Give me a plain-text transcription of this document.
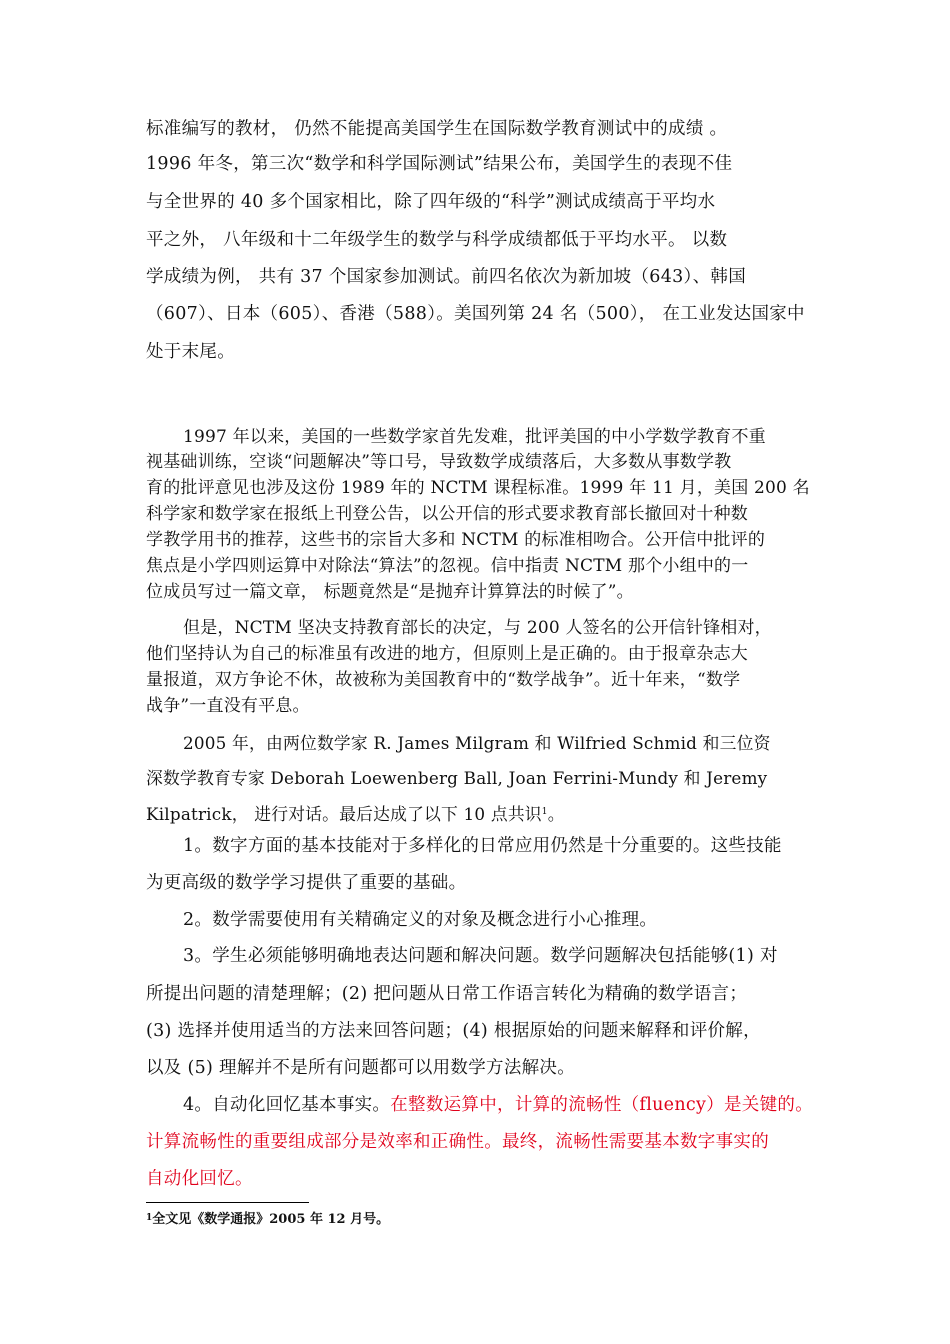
标准编写的教材， 仍然不能提高美国学生在国际数学教育测试中的成绩 。
1996 年冬，第三次“数学和科学国际测试”结果公布，美国学生的表现不佳
与全世界的 40 多个国家相比，除了四年级的“科学”测试成绩高于平均水
平之外， 八年级和十二年级学生的数学与科学成绩都低于平均水平。 以数
学成绩为例， 共有 37 个国家参加测试。前四名依次为新加坡（643）、韩国
（607）、日本（605）、香港（588）。美国列第 24 名（500）， 在工业发达国家中
处于末尾。
1997 年以来，美国的一些数学家首先发难，批评美国的中小学数学教育不重
视基础训练，空谈“问题解决”等口号，导致数学成绩落后，大多数从事数学教
育的批评意见也涉及这份 1989 年的 NCTM 课程标准。1999 年 11 月，美国 200 名
科学家和数学家在报纸上刊登公告，以公开信的形式要求教育部长撤回对十种数
学教学用书的推荐，这些书的宗旨大多和 NCTM 的标准相吻合。公开信中批评的
焦点是小学四则运算中对除法“算法”的忽视。信中指责 NCTM 那个小组中的一
位成员写过一篇文章， 标题竟然是“是抛弃计算算法的时候了”。
但是，NCTM 坚决支持教育部长的决定，与 200 人签名的公开信针锋相对，
他们坚持认为自己的标准虽有改进的地方，但原则上是正确的。由于报章杂志大
量报道，双方争论不休，故被称为美国教育中的“数学战争”。近十年来，“数学
战争”一直没有平息。
2005 年，由两位数学家 R. James Milgram 和 Wilfried Schmid 和三位资
深数学教育专家 Deborah Loewenberg Ball, Joan Ferrini-Mundy 和 Jeremy
Kilpatrick， 进行对话。最后达成了以下 10 点共识$^1$。
1。数字方面的基本技能对于多样化的日常应用仍然是十分重要的。这些技能
为更高级的数学学习提供了重要的基础。
2。数学需要使用有关精确定义的对象及概念进行小心推理。
3。学生必须能够明确地表达问题和解决问题。数学问题解决包括能够(1) 对
所提出问题的清楚理解；(2) 把问题从日常工作语言转化为精确的数学语言；
(3) 选择并使用适当的方法来回答问题；(4) 根据原始的问题来解释和评价解，
以及 (5) 理解并不是所有问题都可以用数学方法解决。
4。自动化回忆基本事实。在整数运算中，计算的流畅性（fluency）是关键的。
计算流畅性的重要组成部分是效率和正确性。最终，流畅性需要基本数字事实的
自动化回忆。
$^1$全文见《数学通报》2005 年 12 月号。
